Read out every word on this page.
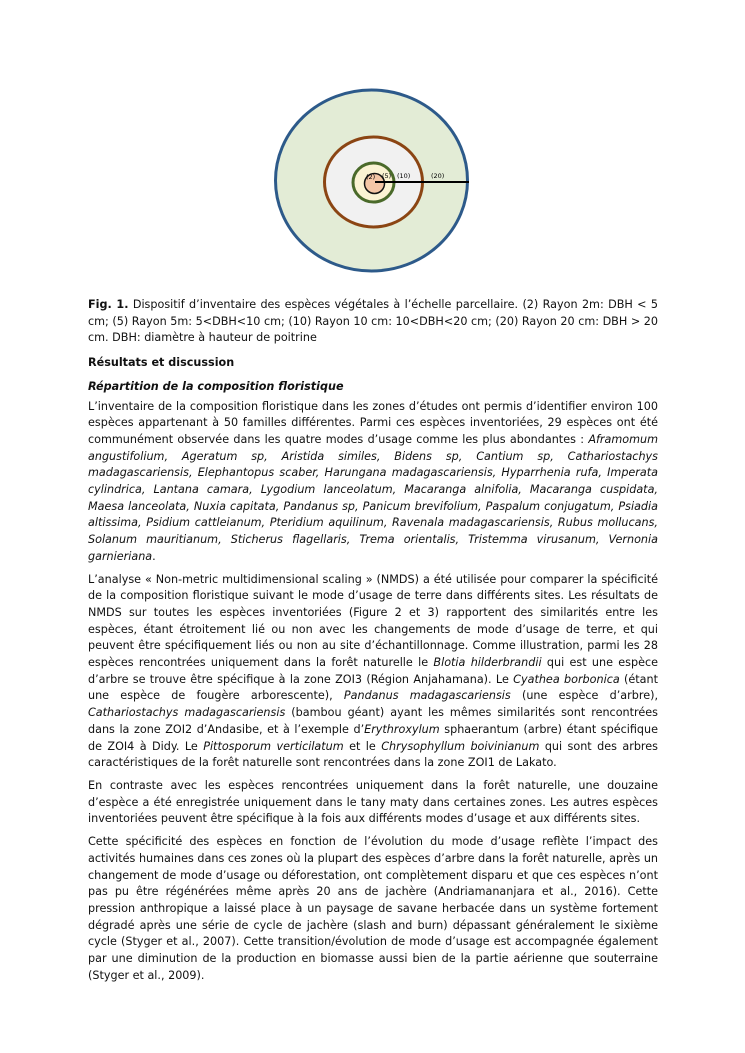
(2) (5) (10)	(20)
Fig. 1. Dispositif d’inventaire des espèces végétales à l’échelle parcellaire. (2) Rayon 2m: DBH < 5 cm; (5) Rayon 5m: 5<DBH<10 cm; (10) Rayon 10 cm: 10<DBH<20 cm; (20) Rayon 20 cm: DBH > 20 cm. DBH: diamètre à hauteur de poitrine
Résultats et discussion
Répartition de la composition floristique
L’inventaire de la composition floristique dans les zones d’études ont permis d’identifier environ 100 espèces appartenant à 50 familles différentes. Parmi ces espèces inventoriées, 29 espèces ont été communément observée dans les quatre modes d’usage comme les plus abondantes : Aframomum angustifolium, Ageratum sp, Aristida similes, Bidens sp, Cantium sp, Cathariostachys madagascariensis, Elephantopus scaber, Harungana madagascariensis, Hyparrhenia rufa, Imperata cylindrica, Lantana camara, Lygodium lanceolatum, Macaranga alnifolia, Macaranga cuspidata, Maesa lanceolata, Nuxia capitata, Pandanus sp, Panicum brevifolium, Paspalum conjugatum, Psiadia altissima, Psidium cattleianum, Pteridium aquilinum, Ravenala madagascariensis, Rubus mollucans, Solanum mauritianum, Sticherus flagellaris, Trema orientalis, Tristemma virusanum, Vernonia garnieriana.
L’analyse « Non-metric multidimensional scaling » (NMDS) a été utilisée pour comparer la spécificité de la composition floristique suivant le mode d’usage de terre dans différents sites. Les résultats de NMDS sur toutes les espèces inventoriées (Figure 2 et 3) rapportent des similarités entre les espèces, étant étroitement lié ou non avec les changements de mode d’usage de terre, et qui peuvent être spécifiquement liés ou non au site d’échantillonnage. Comme illustration, parmi les 28 espèces rencontrées uniquement dans la forêt naturelle le Blotia hilderbrandii qui est une espèce d’arbre se trouve être spécifique à la zone ZOI3 (Région Anjahamana). Le Cyathea borbonica (étant une espèce de fougère arborescente), Pandanus madagascariensis (une espèce d’arbre), Cathariostachys madagascariensis (bambou géant) ayant les mêmes similarités sont rencontrées dans la zone ZOI2 d’Andasibe, et à l’exemple d’Erythroxylum sphaerantum (arbre) étant spécifique de ZOI4 à Didy. Le Pittosporum verticilatum et le Chrysophyllum boivinianum qui sont des arbres caractéristiques de la forêt naturelle sont rencontrées dans la zone ZOI1 de Lakato.
En contraste avec les espèces rencontrées uniquement dans la forêt naturelle, une douzaine d’espèce a été enregistrée uniquement dans le tany maty dans certaines zones. Les autres espèces inventoriées peuvent être spécifique à la fois aux différents modes d’usage et aux différents sites.
Cette spécificité des espèces en fonction de l’évolution du mode d’usage reflète l’impact des activités humaines dans ces zones où la plupart des espèces d’arbre dans la forêt naturelle, après un changement de mode d’usage ou déforestation, ont complètement disparu et que ces espèces n’ont pas pu être régénérées même après 20 ans de jachère (Andriamananjara et al., 2016). Cette pression anthropique a laissé place à un paysage de savane herbacée dans un système fortement dégradé après une série de cycle de jachère (slash and burn) dépassant généralement le sixième cycle (Styger et al., 2007). Cette transition/évolution de mode d’usage est accompagnée également par une diminution de la production en biomasse aussi bien de la partie aérienne que souterraine (Styger et al., 2009).
